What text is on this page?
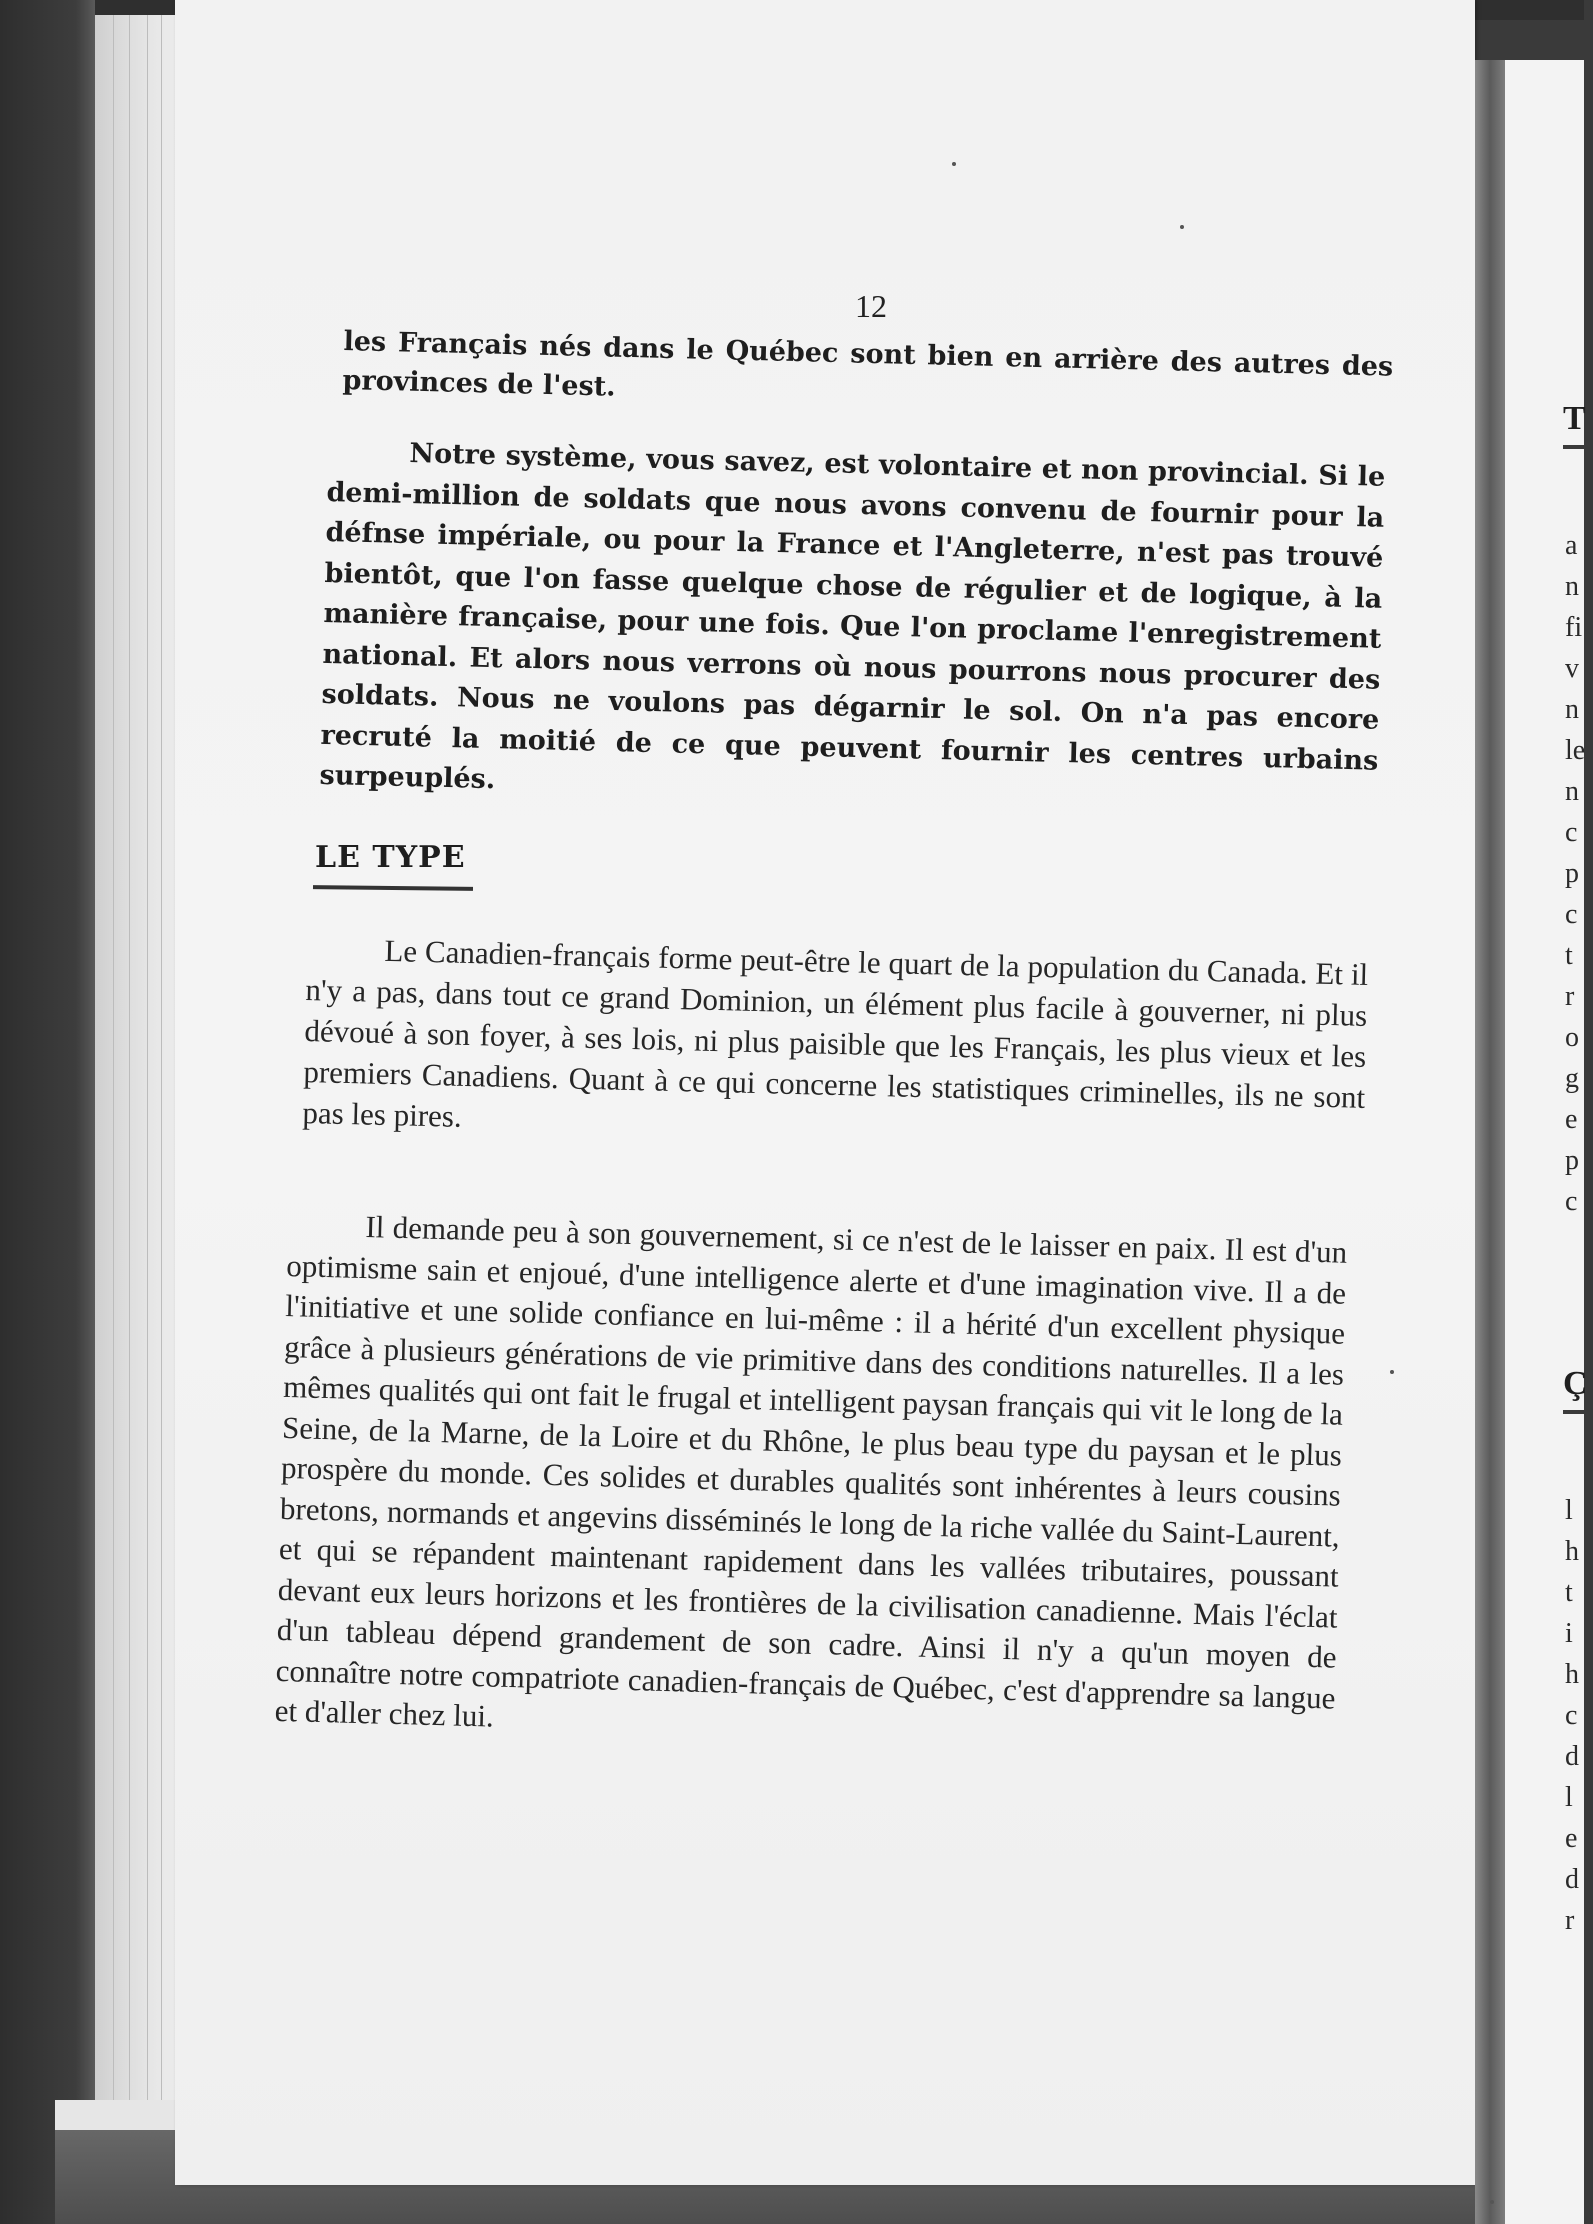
T
a
n
fi
v
n
le
n
c
p
c
t
r
o
g
e
p
c
Ç
l
h
t
i
h
c
d
l
e
d
r
12
les Français nés dans le Québec sont bien en arrière des autres des provinces de l'est.
Notre système, vous savez, est volontaire et non provincial. Si le demi-million de soldats que nous avons convenu de fournir pour la défnse impériale, ou pour la France et l'Angleterre, n'est pas trouvé bientôt, que l'on fasse quelque chose de régulier et de logique, à la manière française, pour une fois. Que l'on proclame l'enregistrement national. Et alors nous verrons où nous pourrons nous procurer des soldats. Nous ne voulons pas dégarnir le sol. On n'a pas encore recruté la moitié de ce que peuvent fournir les centres urbains surpeuplés.
LE TYPE
Le Canadien-français forme peut-être le quart de la population du Canada. Et il n'y a pas, dans tout ce grand Dominion, un élément plus facile à gouverner, ni plus dévoué à son foyer, à ses lois, ni plus paisible que les Français, les plus vieux et les premiers Canadiens. Quant à ce qui concerne les statistiques criminelles, ils ne sont pas les pires.
Il demande peu à son gouvernement, si ce n'est de le laisser en paix. Il est d'un optimisme sain et enjoué, d'une intelligence alerte et d'une imagination vive. Il a de l'initiative et une solide confiance en lui-même : il a hérité d'un excellent physique grâce à plusieurs générations de vie primitive dans des conditions naturelles. Il a les mêmes qualités qui ont fait le frugal et intelligent paysan français qui vit le long de la Seine, de la Marne, de la Loire et du Rhône, le plus beau type du paysan et le plus prospère du monde. Ces solides et durables qualités sont inhérentes à leurs cousins bretons, normands et angevins disséminés le long de la riche vallée du Saint-Laurent, et qui se répandent maintenant rapidement dans les vallées tributaires, poussant devant eux leurs horizons et les frontières de la civilisation canadienne. Mais l'éclat d'un tableau dépend grandement de son cadre. Ainsi il n'y a qu'un moyen de connaître notre compatriote canadien-français de Québec, c'est d'apprendre sa langue et d'aller chez lui.
